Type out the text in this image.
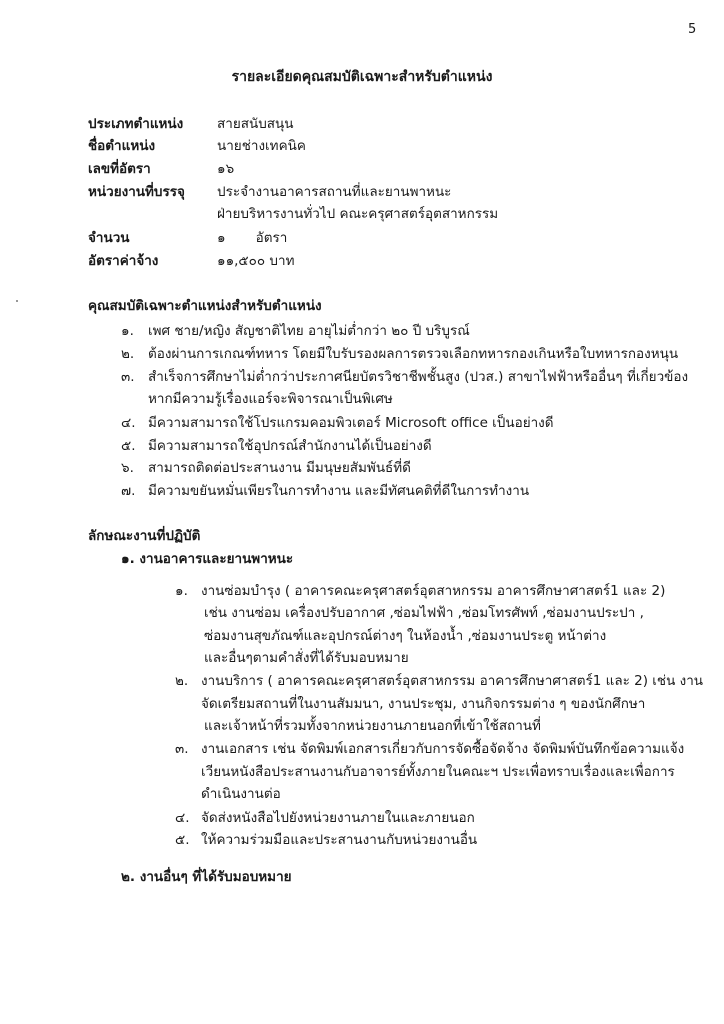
5
รายละเอียดคุณสมบัติเฉพาะสำหรับตำแหน่ง
ประเภทตำแหน่ง สายสนับสนุน
ชื่อตำแหน่ง	นายช่างเทคนิค
เลขที่อัตรา	๑๖
หน่วยงานที่บรรจุ ประจำงานอาคารสถานที่และยานพาหนะ
ฝ่ายบริหารงานทั่วไป คณะครุศาสตร์อุตสาหกรรม
จำนวน	๑       อัตรา
อัตราค่าจ้าง	๑๑,๕๐๐ บาท
คุณสมบัติเฉพาะตำแหน่งสำหรับตำแหน่ง
๑. เพศ ชาย/หญิง สัญชาติไทย อายุไม่ต่ำกว่า ๒๐ ปี บริบูรณ์
๒. ต้องผ่านการเกณฑ์ทหาร โดยมีใบรับรองผลการตรวจเลือกทหารกองเกินหรือใบทหารกองหนุน
๓. สำเร็จการศึกษาไม่ต่ำกว่าประกาศนียบัตรวิชาชีพชั้นสูง (ปวส.) สาขาไฟฟ้าหรืออื่นๆ ที่เกี่ยวข้อง
หากมีความรู้เรื่องแอร์จะพิจารณาเป็นพิเศษ
๔. มีความสามารถใช้โปรแกรมคอมพิวเตอร์ Microsoft office เป็นอย่างดี
๕. มีความสามารถใช้อุปกรณ์สำนักงานได้เป็นอย่างดี
๖. สามารถติดต่อประสานงาน มีมนุษยสัมพันธ์ที่ดี
๗. มีความขยันหมั่นเพียรในการทำงาน และมีทัศนคติที่ดีในการทำงาน
ลักษณะงานที่ปฏิบัติ
๑. งานอาคารและยานพาหนะ
๑. งานซ่อมบำรุง ( อาคารคณะครุศาสตร์อุตสาหกรรม อาคารศึกษาศาสตร์1 และ 2)
เช่น งานซ่อม เครื่องปรับอากาศ ,ซ่อมไฟฟ้า ,ซ่อมโทรศัพท์ ,ซ่อมงานประปา ,
ซ่อมงานสุขภัณฑ์และอุปกรณ์ต่างๆ ในห้องน้ำ ,ซ่อมงานประตู หน้าต่าง
และอื่นๆตามคำสั่งที่ได้รับมอบหมาย
๒. งานบริการ ( อาคารคณะครุศาสตร์อุตสาหกรรม อาคารศึกษาศาสตร์1 และ 2) เช่น งาน
จัดเตรียมสถานที่ในงานสัมมนา, งานประชุม, งานกิจกรรมต่าง ๆ ของนักศึกษา
และเจ้าหน้าที่รวมทั้งจากหน่วยงานภายนอกที่เข้าใช้สถานที่
๓. งานเอกสาร เช่น จัดพิมพ์เอกสารเกี่ยวกับการจัดซื้อจัดจ้าง จัดพิมพ์บันทึกข้อความแจ้ง
เวียนหนังสือประสานงานกับอาจารย์ทั้งภายในคณะฯ ประเพื่อทราบเรื่องและเพื่อการ
ดำเนินงานต่อ
๔. จัดส่งหนังสือไปยังหน่วยงานภายในและภายนอก
๕. ให้ความร่วมมือและประสานงานกับหน่วยงานอื่น
๒. งานอื่นๆ ที่ได้รับมอบหมาย
